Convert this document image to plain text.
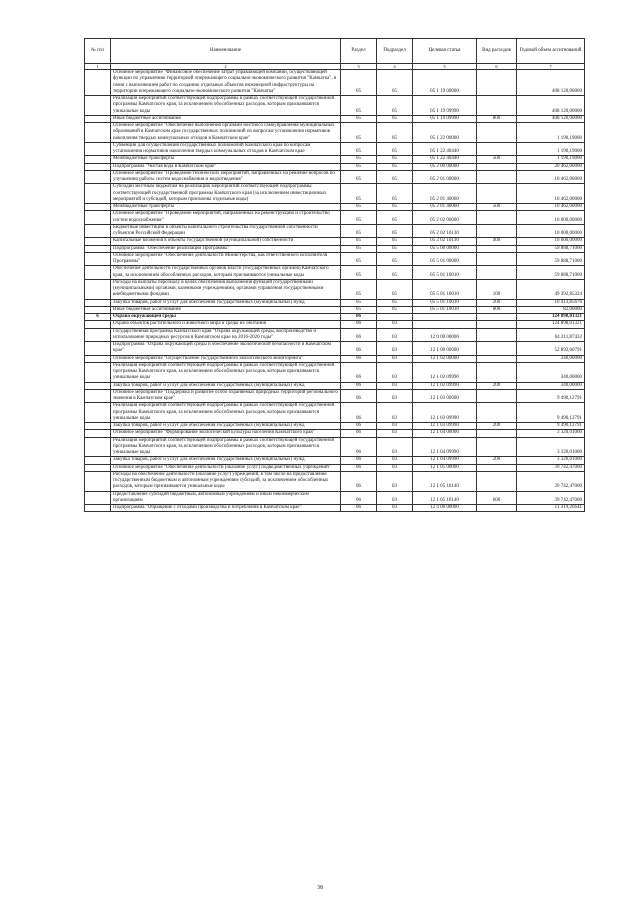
№ п/п	Наименование	Раздел	Подраздел	Целевая статья	Вид расходов	Годовой объем ассигнований
1	2	3	4	5	6	7
	Основное мероприятие "Финансовое обеспечение затрат управляющей компании, осуществляющей функции по управлению территорией опережающего социально-экономического развития "Камчатка", в связи с выполнением работ по созданию отдельных объектов инженерной инфраструктуры на территории опережающего социально-экономического развития "Камчатка"	05	05	05 1 19 00000		408 120,00000
	Реализация мероприятий соответствующей подпрограммы в рамках соответствующей государственной программы Камчатского края, за исключением обособленных расходов, которым присваиваются уникальные коды	05	05	05 1 19 09990		408 120,00000
	Иные бюджетные ассигнования	05	05	05 1 19 09990	800	408 120,00000
	Основное мероприятие "Обеспечение выполнения органами местного самоуправления муниципальных образований в Камчатском крае государственных полномочий по вопросам установления нормативов накопления твердых коммунальных отходов в Камчатском крае"	05	05	05 1 22 00000		1 190,19000
	Субвенции для осуществления государственных полномочий Камчатского края по вопросам установления нормативов накопления твердых коммунальных отходов в Камчатском крае	05	05	05 1 22 40440		1 190,19000
	Межбюджетные трансферты	05	05	05 1 22 40440	500	1 190,19000
	Подпрограмма "Чистая вода в Камчатском крае"	05	05	05 2 00 00000		20 462,00000
	Основное мероприятие "Проведение технических мероприятий, направленных на решение вопросов по улучшению работы систем водоснабжения и водоотведения"	05	05	05 2 01 00000		10 462,00000
	Субсидии местным бюджетам на реализацию мероприятий соответствующей подпрограммы соответствующей государственной программы Камчатского края (за исключением инвестиционных мероприятий и субсидий, которым присвоены отдельные коды)	05	05	05 2 01 40060		10 462,00000
	Межбюджетные трансферты	05	05	05 2 01 40060	500	10 462,00000
	Основное мероприятие "Проведение мероприятий, направленных на реконструкцию и строительство систем водоснабжения"	05	05	05 2 02 00000		10 000,00000
	Бюджетные инвестиции в объекты капитального строительства государственной собственности субъектов Российской Федерации	05	05	05 2 02 10130		10 000,00000
	Капитальные вложения в объекты государственной (муниципальной) собственности	05	05	05 2 02 10130	400	10 000,00000
	Подпрограмма "Обеспечение реализации Программы"	05	05	05 5 00 00000		59 888,71000
	Основное мероприятие "Обеспечение деятельности Министерства, как ответственного исполнителя Программы"	05	05	05 5 01 00000		59 888,71000
	Обеспечение деятельности государственных органов власти (государственных органов) Камчатского края, за исключением обособленных расходов, которым присваиваются уникальные коды	05	05	05 5 01 10010		59 888,71000
	Расходы на выплаты персоналу в целях обеспечения выполнения функций государственными (муниципальными) органами, казенными учреждениями, органами управления государственными внебюджетными фондами	05	05	05 5 01 10010	100	49 392,85324
	Закупка товаров, работ и услуг для обеспечения государственных (муниципальных) нужд	05	05	05 5 01 10010	200	10 413,85676
	Иные бюджетные ассигнования	05	05	05 5 01 10010	800	82,00000
6	Охрана окружающей среды	06				124 898,01321
	Охрана объектов растительного и животного мира и среды их обитания	06	03			124 898,01321
	Государственная программа Камчатского края "Охрана окружающей среды, воспроизводство и использование природных ресурсов в Камчатском крае на 2016-2020 годы"	06	03	12 0 00 00000		64 211,87432
	Подпрограмма "Охрана окружающей среды и обеспечение экологической безопасности в Камчатском крае"	06	03	12 1 00 00000		52 892,60791
	Основное мероприятие "Осуществление государственного экологического мониторинга"	06	03	12 1 02 00000		340,00000
	Реализация мероприятий соответствующей подпрограммы в рамках соответствующей государственной программы Камчатского края, за исключением обособленных расходов, которым присваиваются уникальные коды	06	03	12 1 02 09990		340,00000
	Закупка товаров, работ и услуг для обеспечения государственных (муниципальных) нужд	06	03	12 1 02 09990	200	340,00000
	Основное мероприятие "Поддержка и развитие особо охраняемых природных территорий регионального значения в Камчатском крае"	06	03	12 1 03 00000		9 490,12791
	Реализация мероприятий соответствующей подпрограммы в рамках соответствующей государственной программы Камчатского края, за исключением обособленных расходов, которым присваиваются уникальные коды	06	03	12 1 03 09990		9 490,12791
	Закупка товаров, работ и услуг для обеспечения государственных (муниципальных) нужд	06	03	12 1 03 09990	200	9 490,12791
	Основное мероприятие "Формирование экологической культуры населения Камчатского края"	06	03	12 1 04 00000		3 320,01000
	Реализация мероприятий соответствующей подпрограммы в рамках соответствующей государственной программы Камчатского края, за исключением обособленных расходов, которым присваиваются уникальные коды	06	03	12 1 04 09990		3 320,01000
	Закупка товаров, работ и услуг для обеспечения государственных (муниципальных) нужд	06	03	12 1 04 09990	200	3 320,01000
	Основное мероприятие "Обеспечение деятельности (оказание услуг) подведомственных учреждений"	06	03	12 1 05 00000		39 742,47000
	Расходы на обеспечение деятельности (оказание услуг) учреждений, в том числе на предоставление государственным бюджетным и автономным учреждениям субсидий, за исключением обособленных расходов, которым присваиваются уникальные коды	06	03	12 1 05 10140		39 742,47000
	Предоставление субсидий бюджетным, автономным учреждениям и иным некоммерческим организациям	06	03	12 1 05 10140	600	39 742,47000
	Подпрограмма "Обращение с отходами производства и потребления в Камчатском крае"	06	03	12 4 00 00000		11 319,26641
38
